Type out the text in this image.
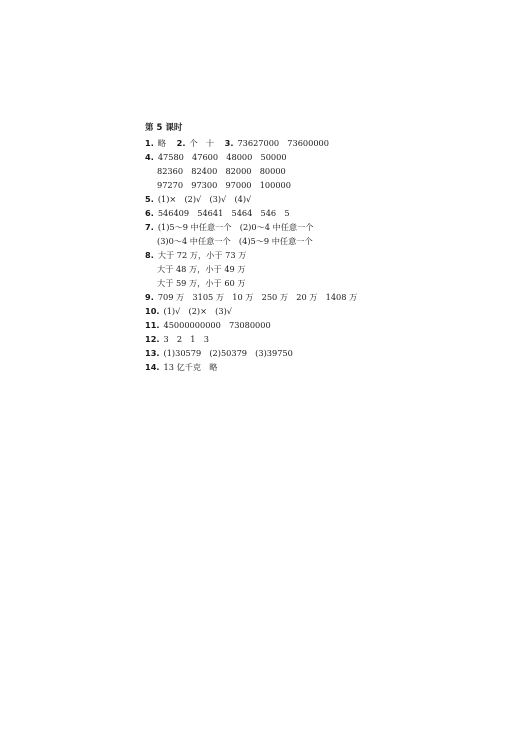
第 5 课时
1. 略 2. 个　十 3. 73627000　73600000
4. 47580　47600　48000　50000
82360　82400　82000　80000
97270　97300　97000　100000
5. (1)×　(2)√　(3)√　(4)√
6. 546409　54641　5464　546　5
7. (1)5～9 中任意一个　(2)0～4 中任意一个
(3)0～4 中任意一个　(4)5～9 中任意一个
8. 大于 72 万，小于 73 万
大于 48 万，小于 49 万
大于 59 万，小于 60 万
9. 709 万　3105 万　10 万　250 万　20 万　1408 万
10. (1)√　(2)×　(3)√
11. 45000000000　73080000
12. 3　2　1　3
13. (1)30579　(2)50379　(3)39750
14. 13 亿千克　略
